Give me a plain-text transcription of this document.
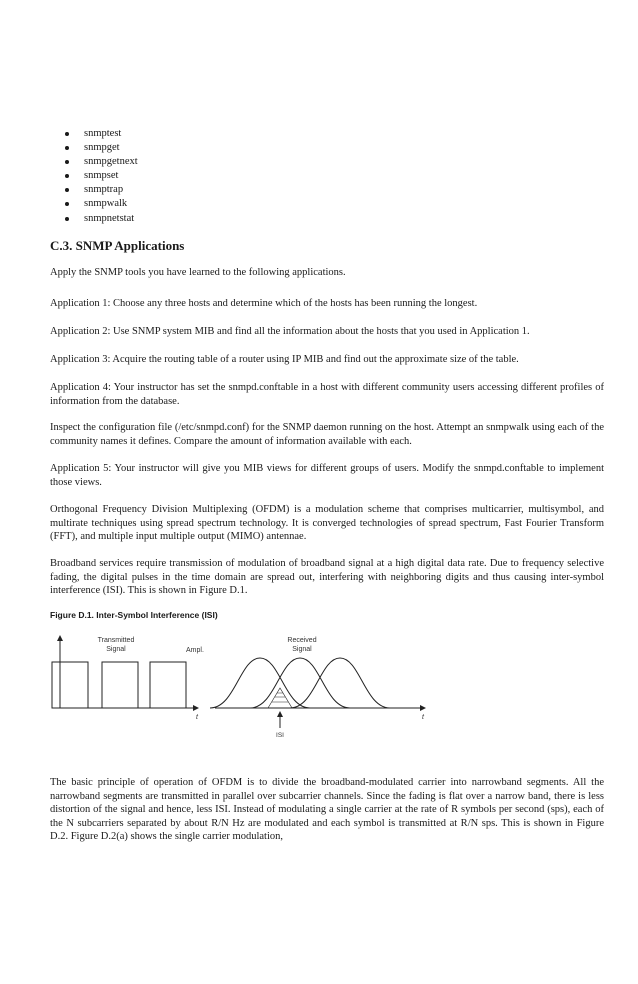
snmptest
snmpget
snmpgetnext
snmpset
snmptrap
snmpwalk
snmpnetstat
C.3. SNMP Applications

Apply the SNMP tools you have learned to the following applications.

Application 1: Choose any three hosts and determine which of the hosts has been running the longest.

Application 2: Use SNMP system MIB and find all the information about the hosts that you used in Application 1.

Application 3: Acquire the routing table of a router using IP MIB and find out the approximate size of the table.

Application 4: Your instructor has set the snmpd.conftable in a host with different community users accessing different profiles of information from the database.

Inspect the configuration file (/etc/snmpd.conf) for the SNMP daemon running on the host. Attempt an snmpwalk using each of the community names it defines. Compare the amount of information available with each.

Application 5: Your instructor will give you MIB views for different groups of users. Modify the snmpd.conftable to implement those views.

Orthogonal Frequency Division Multiplexing (OFDM) is a modulation scheme that comprises multicarrier, multisymbol, and multirate techniques using spread spectrum technology. It is converged technologies of spread spectrum, Fast Fourier Transform (FFT), and multiple input multiple output (MIMO) antennae.

Broadband services require transmission of modulation of broadband signal at a high digital data rate. Due to frequency selective fading, the digital pulses in the time domain are spread out, interfering with neighboring digits and thus causing inter-symbol interference (ISI). This is shown in Figure D.1.

Figure D.1. Inter-Symbol Interference (ISI)
Transmitted
Signal
t
Ampl.
Received
Signal
t
ISI

The basic principle of operation of OFDM is to divide the broadband-modulated carrier into narrowband segments. All the narrowband segments are transmitted in parallel over subcarrier channels. Since the fading is flat over a narrow band, there is less distortion of the signal and hence, less ISI. Instead of modulating a single carrier at the rate of R symbols per second (sps), each of the N subcarriers separated by about R/N Hz are modulated and each symbol is transmitted at R/N sps. This is shown in Figure D.2. Figure D.2(a) shows the single carrier modulation,
